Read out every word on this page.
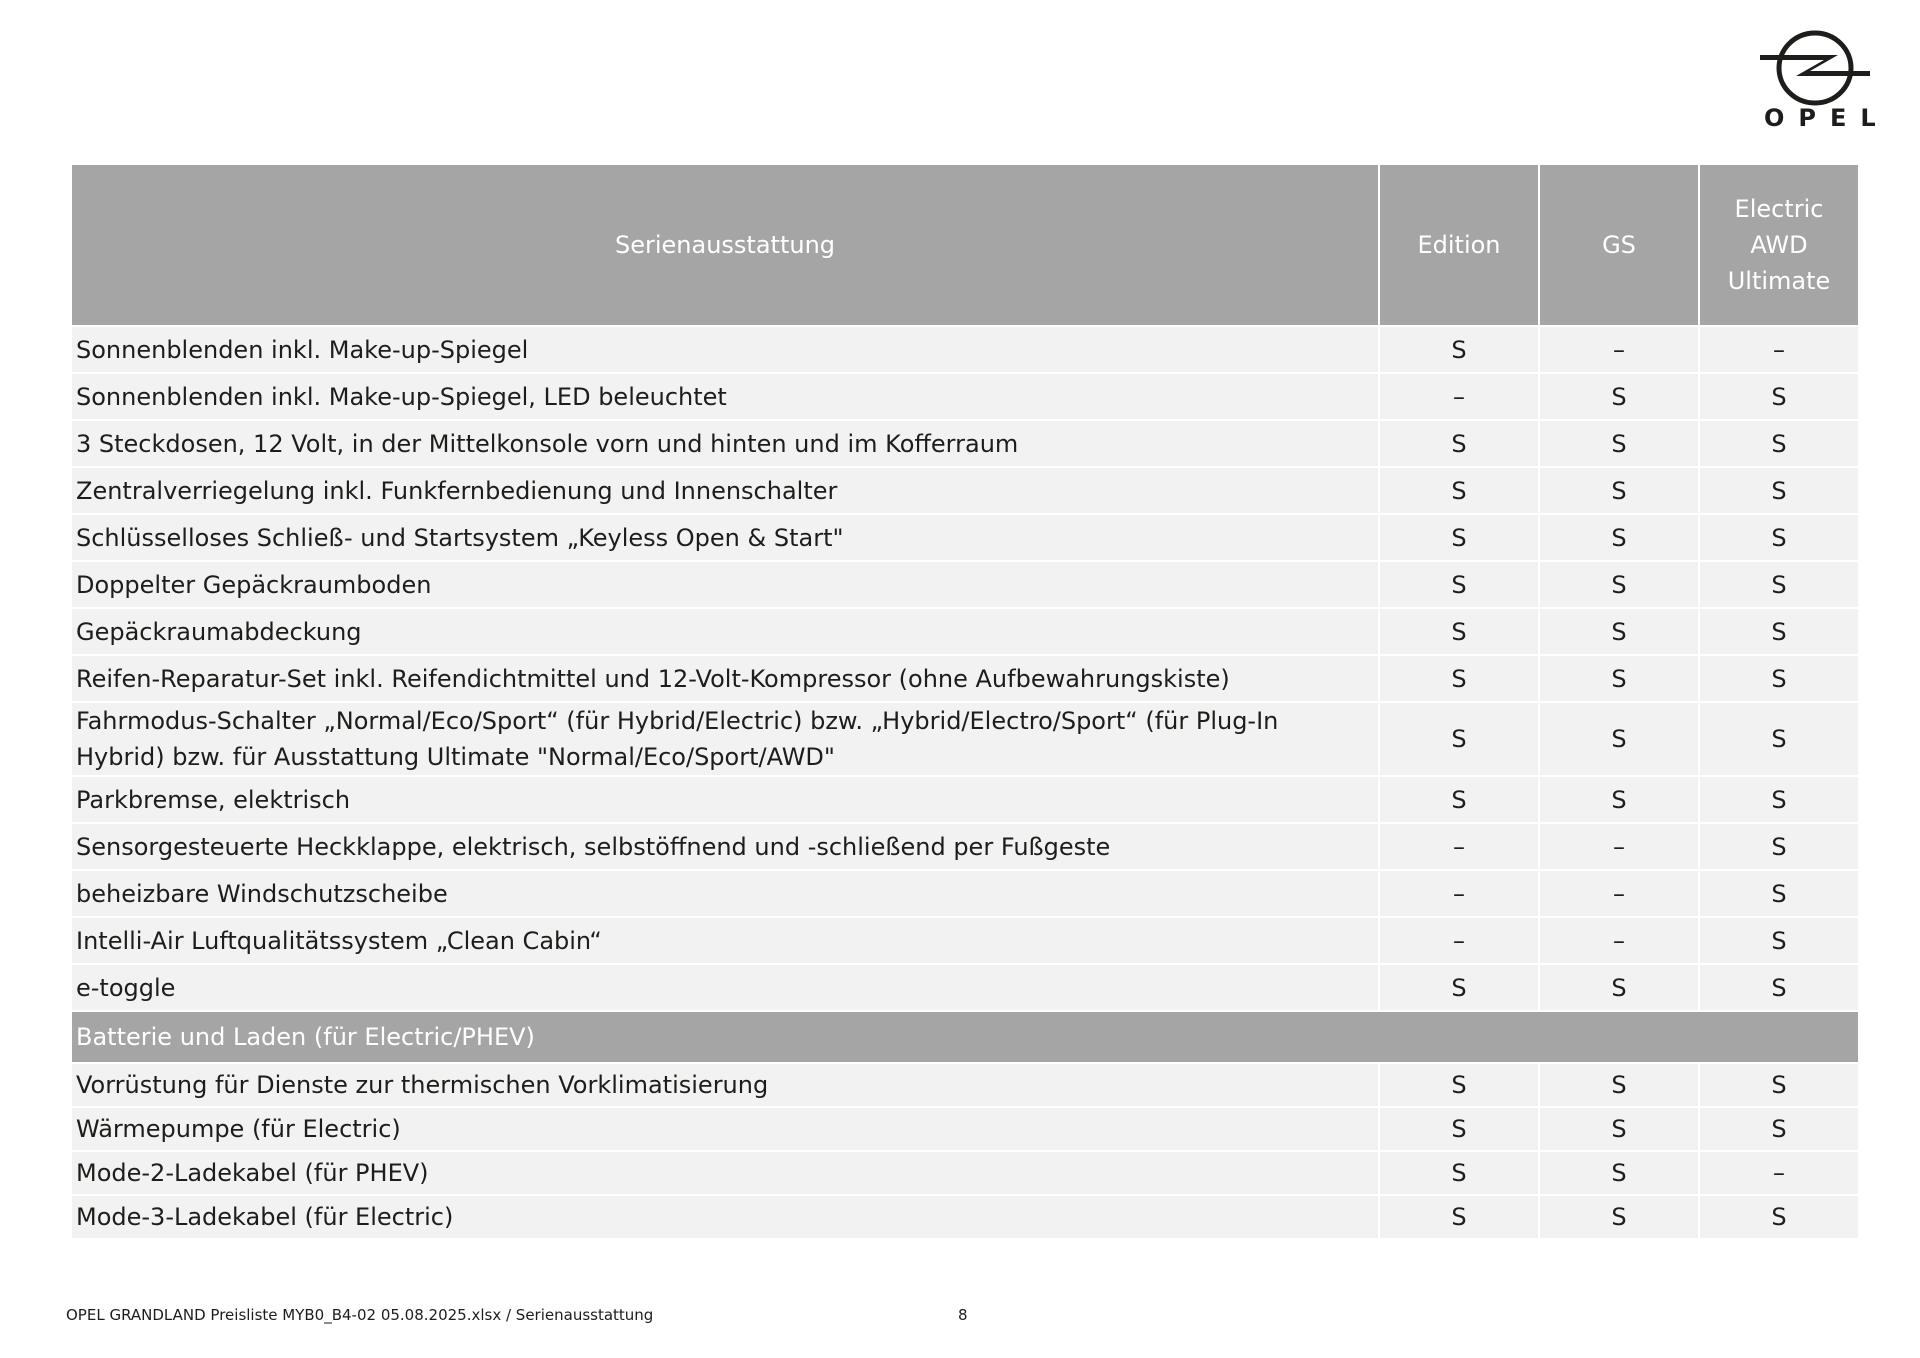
OPEL
Serienausstattung	Edition	GS	Electric AWD Ultimate
Sonnenblenden inkl. Make-up-Spiegel	S	–	–
Sonnenblenden inkl. Make-up-Spiegel, LED beleuchtet	–	S	S
3 Steckdosen, 12 Volt, in der Mittelkonsole vorn und hinten und im Kofferraum	S	S	S
Zentralverriegelung inkl. Funkfernbedienung und Innenschalter	S	S	S
Schlüsselloses Schließ- und Startsystem „Keyless Open & Start"	S	S	S
Doppelter Gepäckraumboden	S	S	S
Gepäckraumabdeckung	S	S	S
Reifen-Reparatur-Set inkl. Reifendichtmittel und 12-Volt-Kompressor (ohne Aufbewahrungskiste)	S	S	S
Fahrmodus-Schalter „Normal/Eco/Sport“ (für Hybrid/Electric) bzw. „Hybrid/Electro/Sport“ (für Plug-In Hybrid) bzw. für Ausstattung Ultimate "Normal/Eco/Sport/AWD"	S	S	S
Parkbremse, elektrisch	S	S	S
Sensorgesteuerte Heckklappe, elektrisch, selbstöffnend und -schließend per Fußgeste	–	–	S
beheizbare Windschutzscheibe	–	–	S
Intelli-Air Luftqualitätssystem „Clean Cabin“	–	–	S
e-toggle	S	S	S
Batterie und Laden (für Electric/PHEV)			
Vorrüstung für Dienste zur thermischen Vorklimatisierung	S	S	S
Wärmepumpe (für Electric)	S	S	S
Mode-2-Ladekabel (für PHEV)	S	S	–
Mode-3-Ladekabel (für Electric)	S	S	S
OPEL GRANDLAND Preisliste MYB0_B4-02 05.08.2025.xlsx / Serienausstattung	8
